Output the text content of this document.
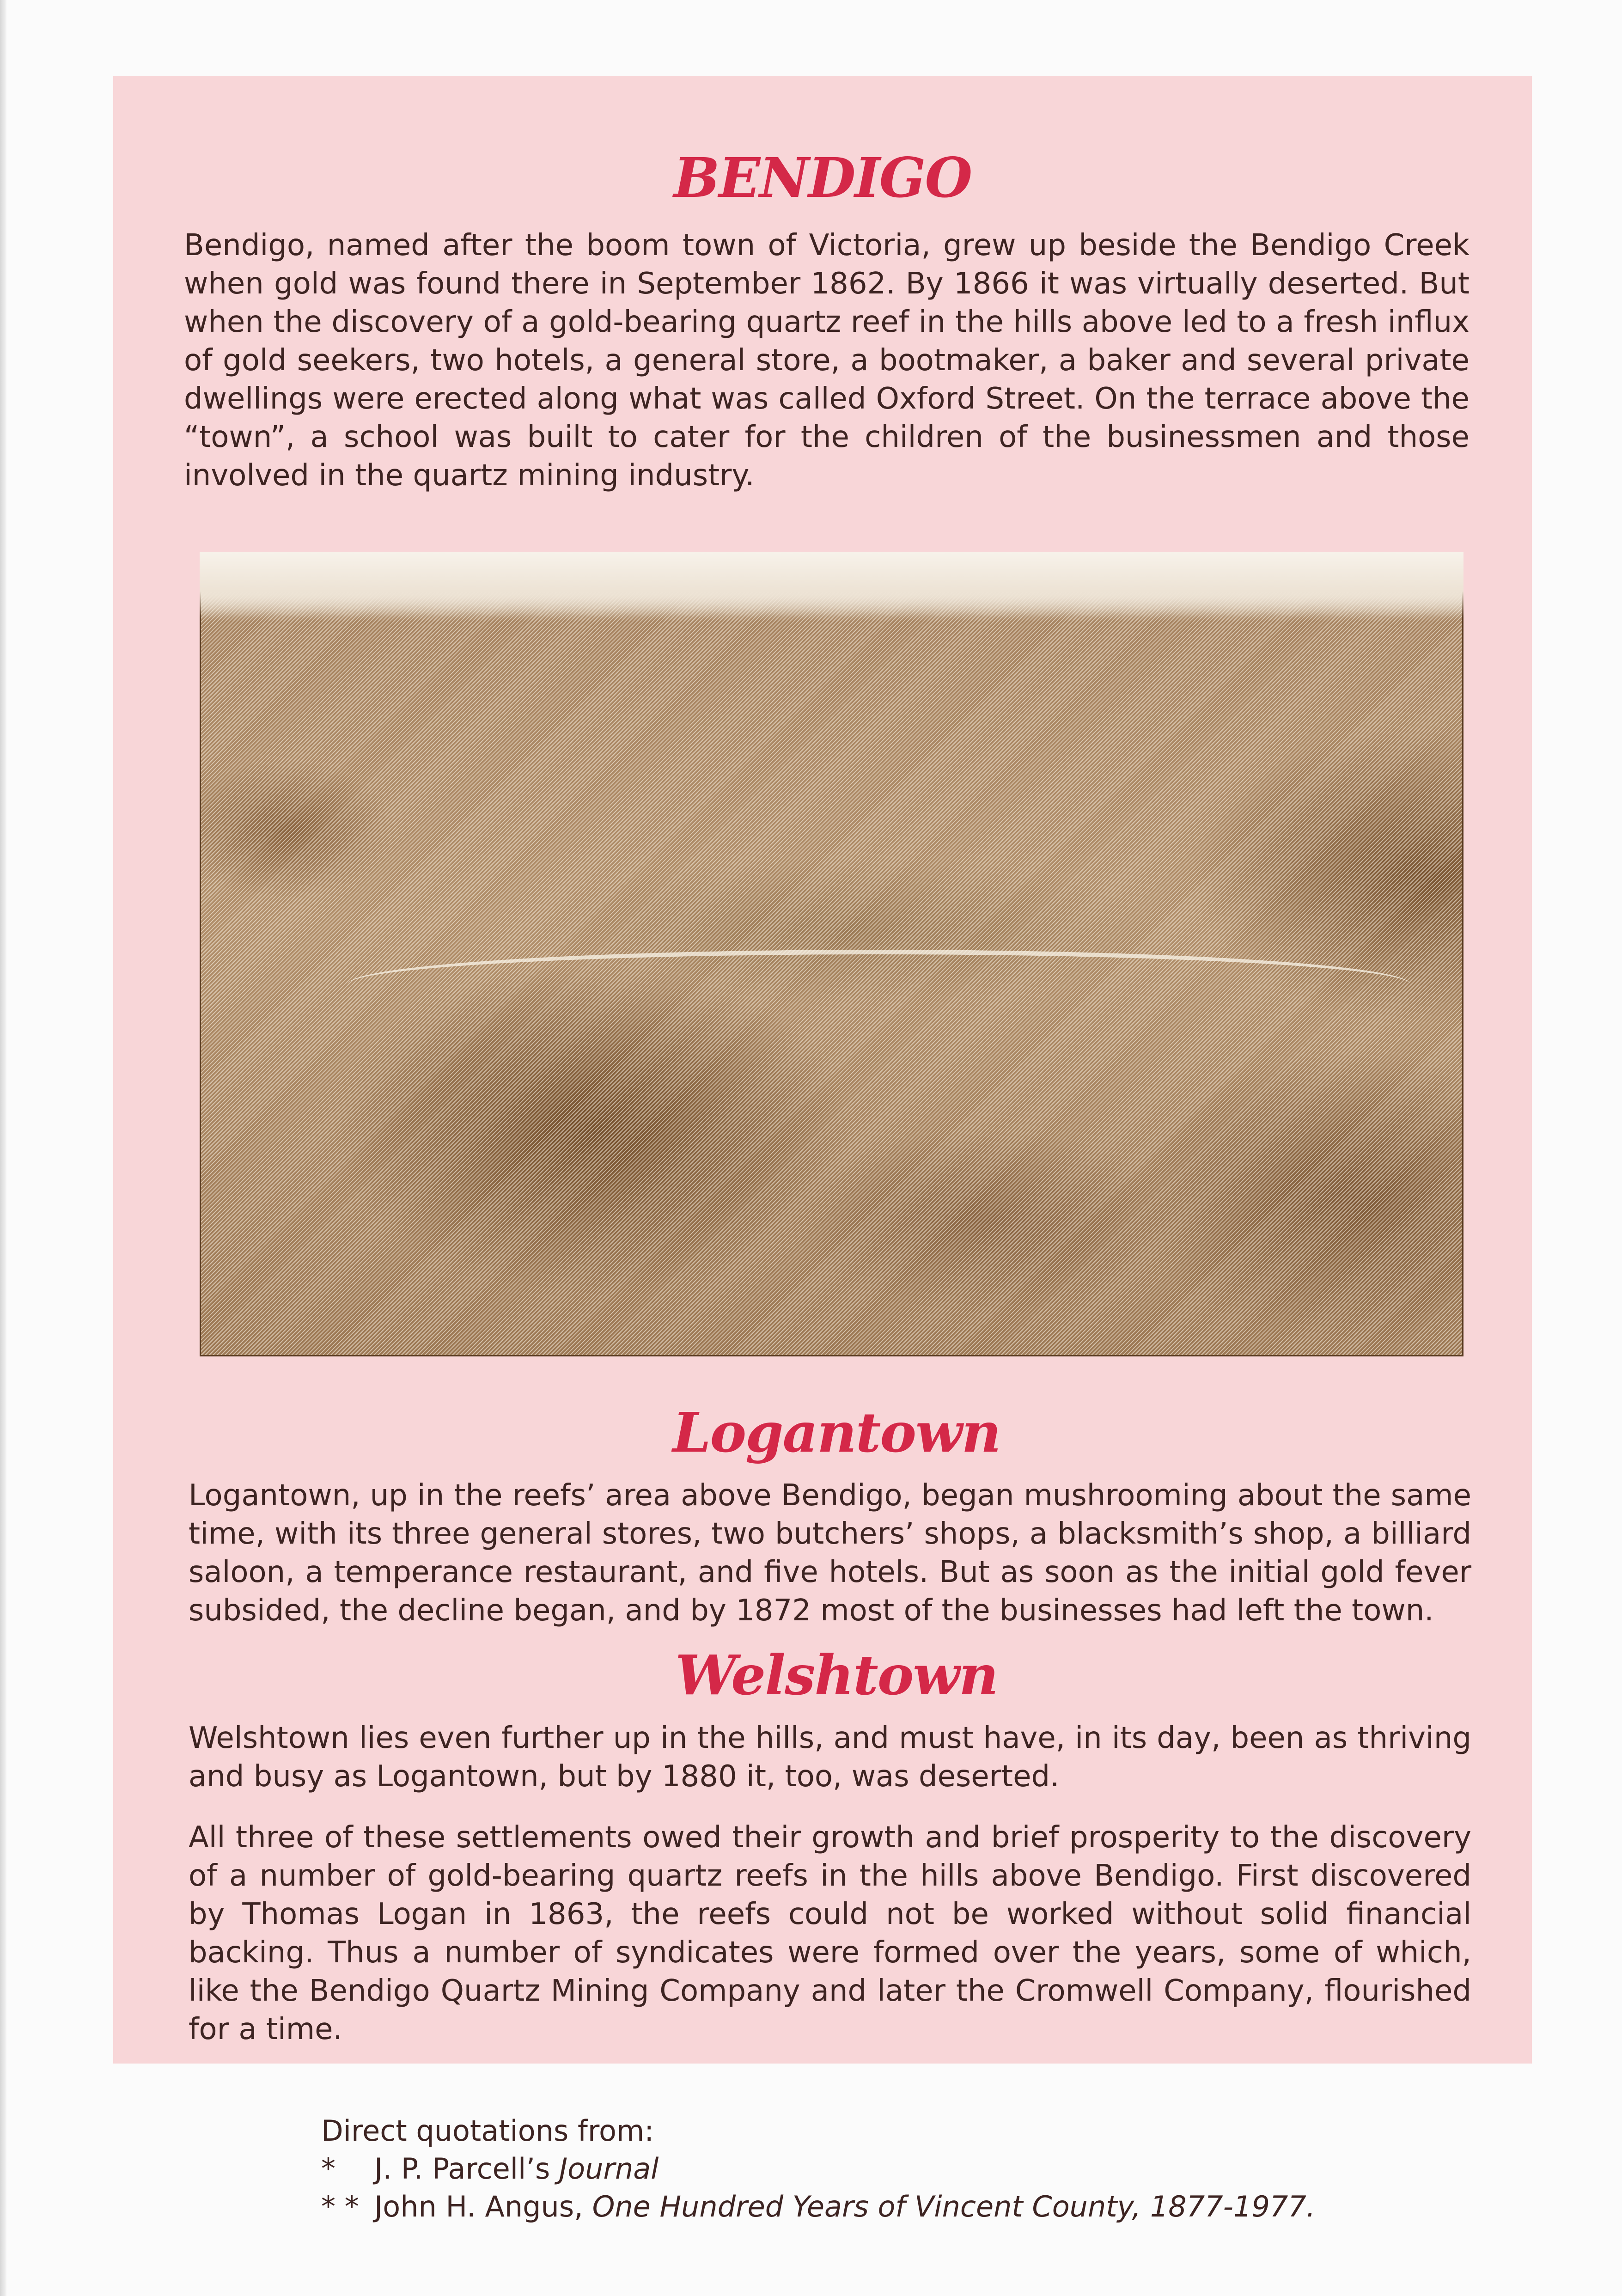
BENDIGO

Bendigo, named after the boom town of Victoria, grew up beside the Bendigo Creek when gold was found there in September 1862. By 1866 it was virtually deserted. But when the discovery of a gold-bearing quartz reef in the hills above led to a fresh influx of gold seekers, two hotels, a general store, a bootmaker, a baker and several private dwellings were erected along what was called Oxford Street. On the terrace above the “town”, a school was built to cater for the children of the businessmen and those involved in the quartz mining industry.

Logantown

Logantown, up in the reefs’ area above Bendigo, began mushrooming about the same time, with its three general stores, two butchers’ shops, a blacksmith’s shop, a billiard saloon, a temperance restaurant, and five hotels. But as soon as the initial gold fever subsided, the decline began, and by 1872 most of the businesses had left the town.

Welshtown

Welshtown lies even further up in the hills, and must have, in its day, been as thriving and busy as Logantown, but by 1880 it, too, was deserted.

All three of these settlements owed their growth and brief prosperity to the discovery of a number of gold-bearing quartz reefs in the hills above Bendigo. First discovered by Thomas Logan in 1863, the reefs could not be worked without solid financial backing. Thus a number of syndicates were formed over the years, some of which, like the Bendigo Quartz Mining Company and later the Cromwell Company, flourished for a time.

Direct quotations from:
*	J. P. Parcell’s
Journal
* * John H. Angus,
One Hundred Years of Vincent County, 1877-1977.
